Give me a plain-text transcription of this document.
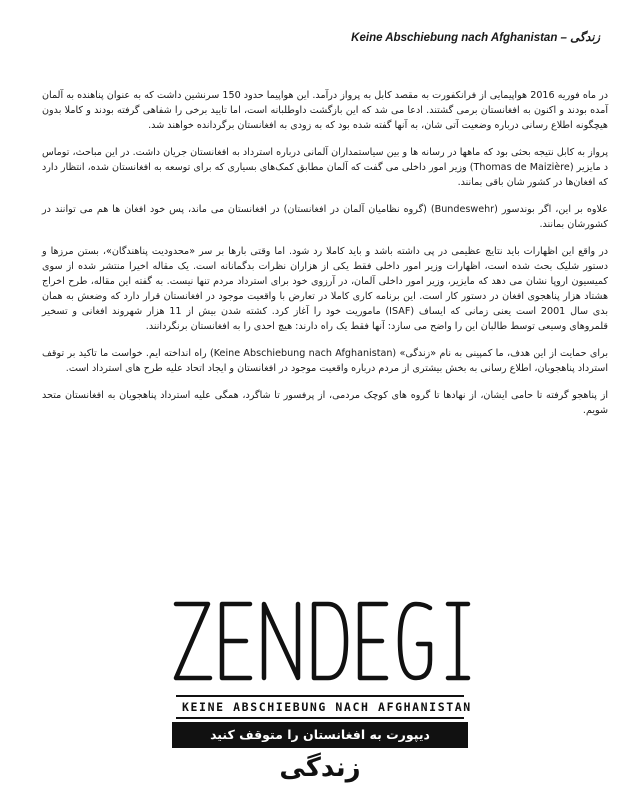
Keine Abschiebung nach Afghanistan – زندگی

در ماه فوریه 2016 هواپیمایی از فرانکفورت به مقصد کابل به پرواز درآمد. این هواپیما حدود 150 سرنشین داشت که به عنوان پناهنده به آلمان آمده بودند و اکنون به افغانستان برمی گشتند. ادعا می شد که این بازگشت داوطلبانه است، اما تایید برخی را شفاهی گرفته بودند و کاملا بدون هیچگونه اطلاع رسانی درباره وضعیت آتی شان، به آنها گفته شده بود که به زودی به افغانستان برگردانده خواهند شد.

پرواز به کابل نتیجه بحثی بود که ماهها در رسانه ها و بین سیاستمداران آلمانی درباره استرداد به افغانستان جریان داشت. در این مباحث، توماس د مایزیر (Thomas de Maizière) وزیر امور داخلی می گفت که آلمان مطابق کمک‌های بسیاری که برای توسعه به افغانستان شده، انتظار دارد که افغان‌ها در کشور شان باقی بمانند.

علاوه بر این، اگر بوندسور (Bundeswehr) (گروه نظامیان آلمان در افغانستان) در افغانستان می ماند، پس خود افغان ها هم می توانند در کشورشان بمانند.

در واقع این اظهارات باید نتایج عظیمی در پی داشته باشد و باید کاملا رد شود. اما وقتی بارها بر سر «محدودیت پناهندگان»، بستن مرزها و دستور شلیک بحث شده است، اظهارات وزیر امور داخلی فقط یکی از هزاران نظرات بدگمانانه است. یک مقاله اخیرا منتشر شده از سوی کمیسیون اروپا نشان می دهد که مایزیر، وزیر امور داخلی آلمان، در آرزوی خود برای استرداد مردم تنها نیست. به گفته این مقاله، طرح اخراج هشتاد هزار پناهجوی افغان در دستور کار است. این برنامه کاری کاملا در تعارض با واقعیت موجود در افغانستان قرار دارد که وضعش به همان بدی سال 2001 است یعنی زمانی که ایساف (ISAF) ماموریت خود را آغاز کرد. کشته شدن بیش از 11 هزار شهروند افغانی و تسخیر قلمروهای وسیعی توسط طالبان این را واضح می سازد: آنها فقط یک راه دارند: هیچ احدی را به افغانستان برنگردانند.

برای حمایت از این هدف، ما کمپینی به نام «زندگی» (Keine Abschiebung nach Afghanistan) راه انداخته ایم. خواست ما تاکید بر توقف استرداد پناهجویان، اطلاع رسانی به بخش بیشتری از مردم درباره واقعیت موجود در افغانستان و ایجاد اتحاد علیه طرح های استرداد است.

از پناهجو گرفته تا حامی ایشان، از نهادها تا گروه های کوچک مردمی، از پرفسور تا شاگرد، همگی علیه استرداد پناهجویان به افغانستان متحد شویم.

KEINE ABSCHIEBUNG NACH AFGHANISTAN
دیپورت به افغانستان را متوقف کنید
زندگی
